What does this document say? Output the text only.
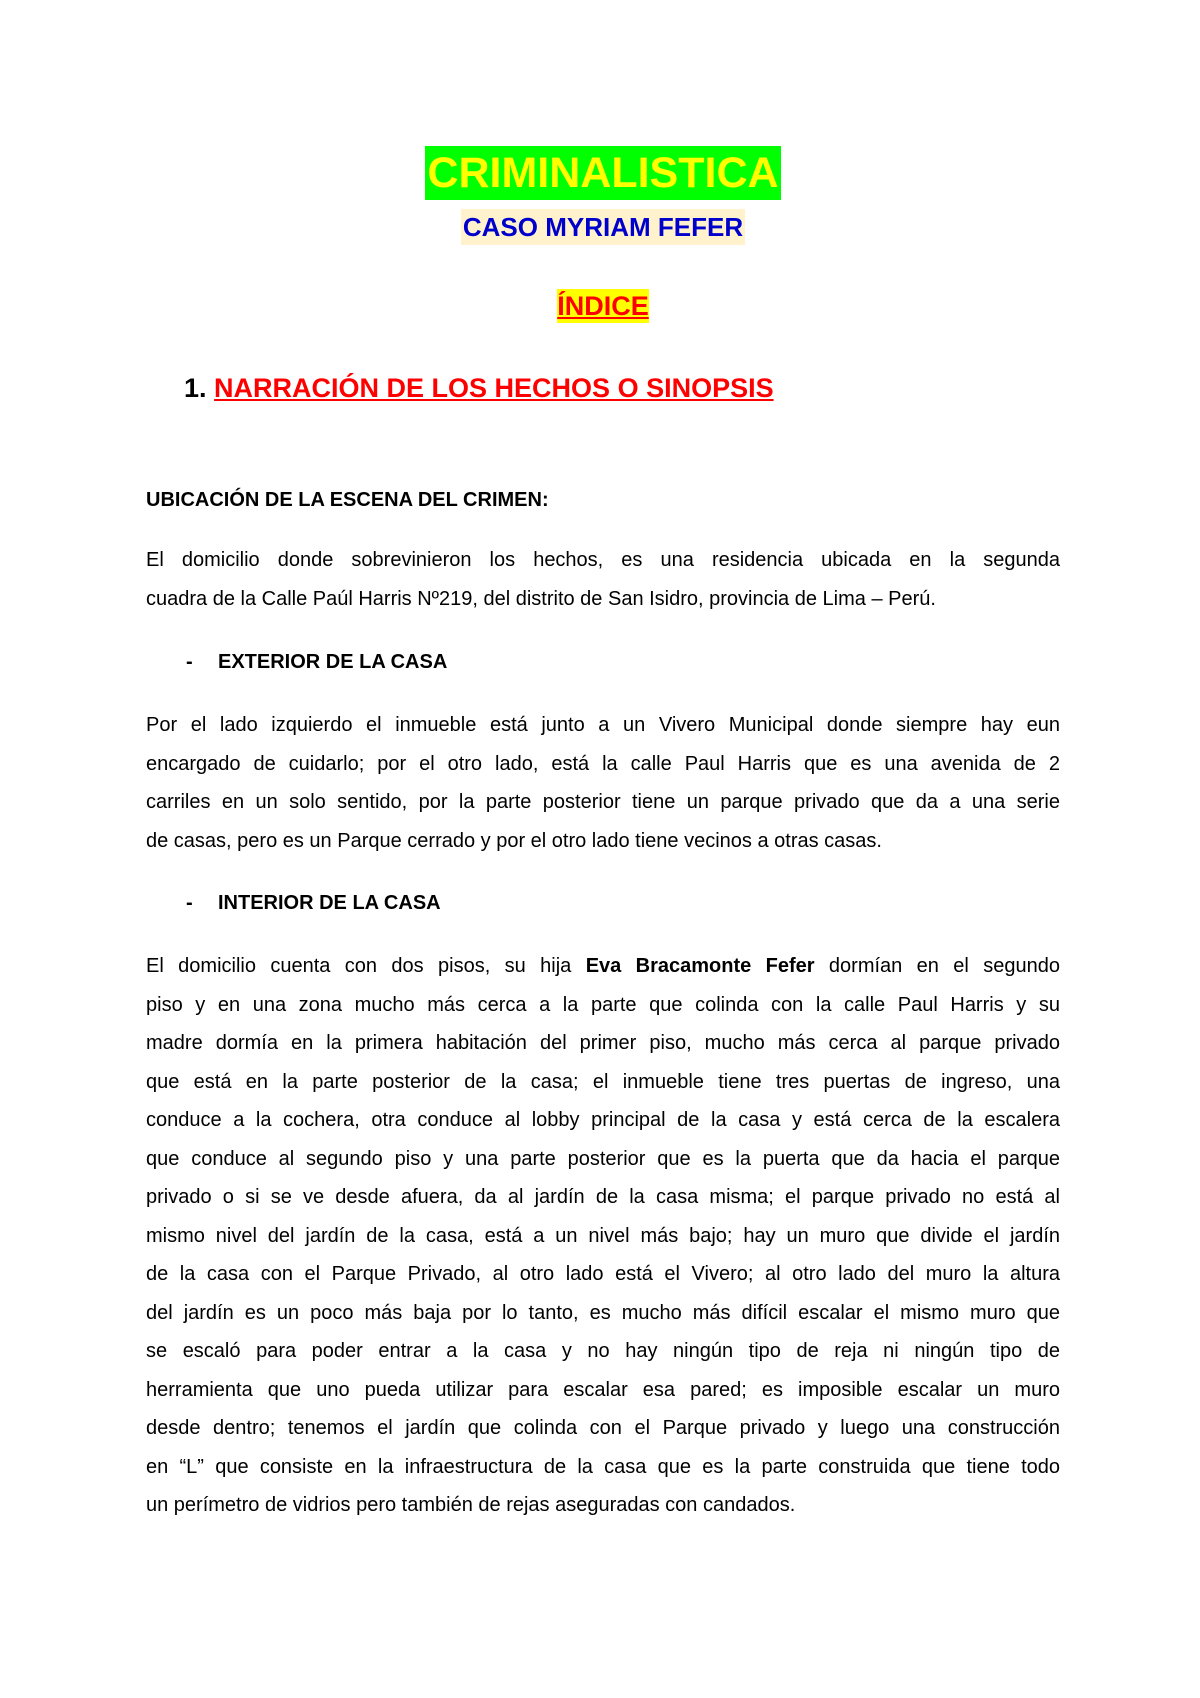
CRIMINALISTICA
CASO MYRIAM FEFER
ÍNDICE
1. NARRACIÓN DE LOS HECHOS O SINOPSIS
UBICACIÓN DE LA ESCENA DEL CRIMEN:
El domicilio donde sobrevinieron los hechos, es una residencia ubicada en la segunda
cuadra de la Calle Paúl Harris Nº219, del distrito de San Isidro, provincia de Lima – Perú.
- EXTERIOR DE LA CASA
Por el lado izquierdo el inmueble está junto a un Vivero Municipal donde siempre hay eun
encargado de cuidarlo; por el otro lado, está la calle Paul Harris que es una avenida de 2
carriles en un solo sentido, por la parte posterior tiene un parque privado que da a una serie
de casas, pero es un Parque cerrado y por el otro lado tiene vecinos a otras casas.
- INTERIOR DE LA CASA
El domicilio cuenta con dos pisos, su hija Eva Bracamonte Fefer dormían en el segundo
piso y en una zona mucho más cerca a la parte que colinda con la calle Paul Harris y su
madre dormía en la primera habitación del primer piso, mucho más cerca al parque privado
que está en la parte posterior de la casa; el inmueble tiene tres puertas de ingreso, una
conduce a la cochera, otra conduce al lobby principal de la casa y está cerca de la escalera
que conduce al segundo piso y una parte posterior que es la puerta que da hacia el parque
privado o si se ve desde afuera, da al jardín de la casa misma; el parque privado no está al
mismo nivel del jardín de la casa, está a un nivel más bajo; hay un muro que divide el jardín
de la casa con el Parque Privado, al otro lado está el Vivero; al otro lado del muro la altura
del jardín es un poco más baja por lo tanto, es mucho más difícil escalar el mismo muro que
se escaló para poder entrar a la casa y no hay ningún tipo de reja ni ningún tipo de
herramienta que uno pueda utilizar para escalar esa pared; es imposible escalar un muro
desde dentro; tenemos el jardín que colinda con el Parque privado y luego una construcción
en “L” que consiste en la infraestructura de la casa que es la parte construida que tiene todo
un perímetro de vidrios pero también de rejas aseguradas con candados.
